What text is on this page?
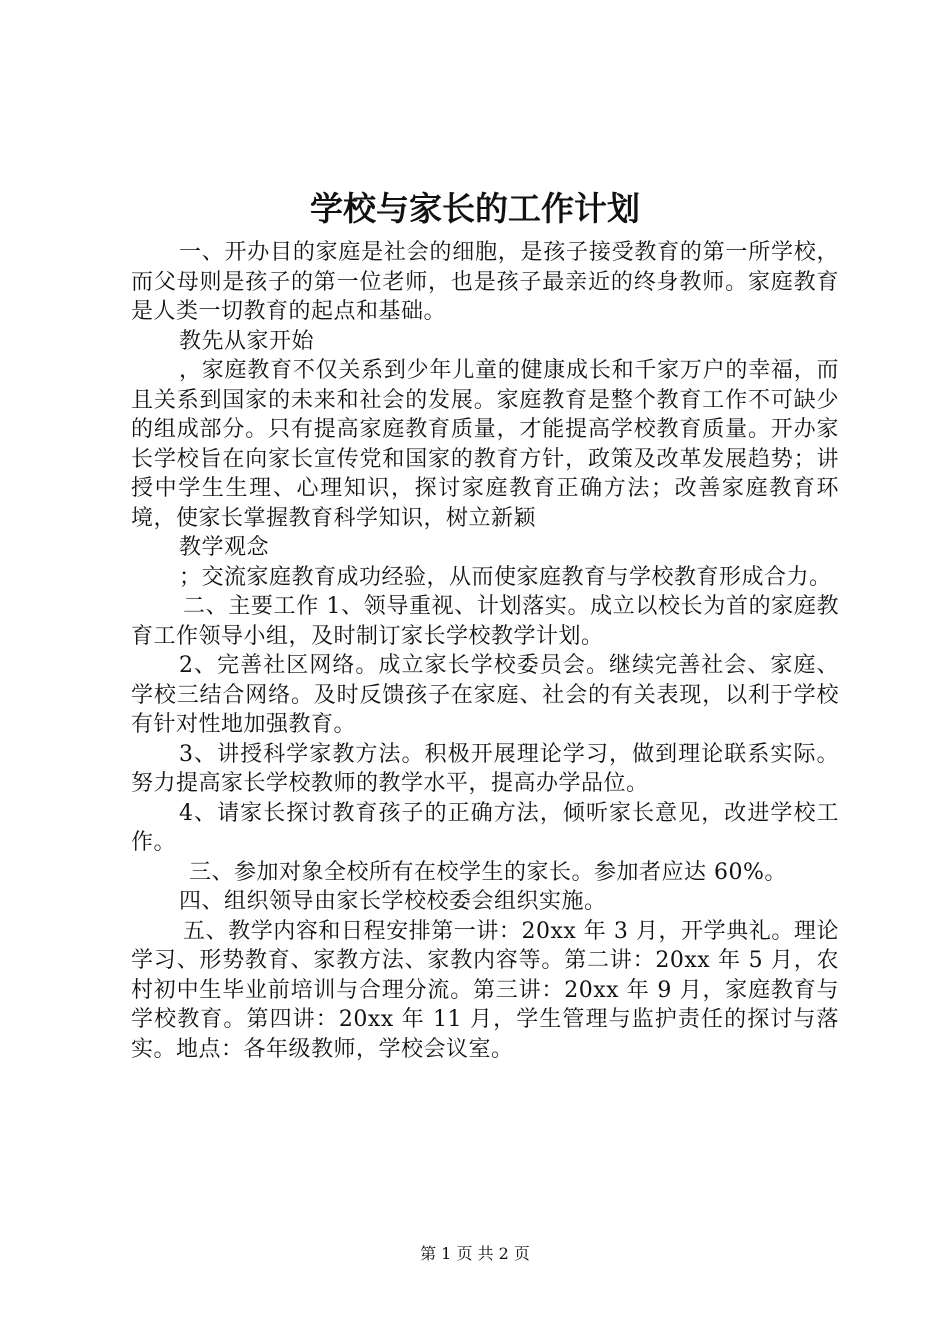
学校与家长的工作计划

一、开办目的家庭是社会的细胞，是孩子接受教育的第一所学校，而父母则是孩子的第一位老师，也是孩子最亲近的终身教师。家庭教育是人类一切教育的起点和基础。

教先从家开始

，家庭教育不仅关系到少年儿童的健康成长和千家万户的幸福，而且关系到国家的未来和社会的发展。家庭教育是整个教育工作不可缺少的组成部分。只有提高家庭教育质量，才能提高学校教育质量。开办家长学校旨在向家长宣传党和国家的教育方针，政策及改革发展趋势；讲授中学生生理、心理知识，探讨家庭教育正确方法；改善家庭教育环境，使家长掌握教育科学知识，树立新颖

教学观念

；交流家庭教育成功经验，从而使家庭教育与学校教育形成合力。

二、主要工作 1、领导重视、计划落实。成立以校长为首的家庭教育工作领导小组，及时制订家长学校教学计划。

2、完善社区网络。成立家长学校委员会。继续完善社会、家庭、学校三结合网络。及时反馈孩子在家庭、社会的有关表现，以利于学校有针对性地加强教育。

3、讲授科学家教方法。积极开展理论学习，做到理论联系实际。努力提高家长学校教师的教学水平，提高办学品位。

4、请家长探讨教育孩子的正确方法，倾听家长意见，改进学校工作。

三、参加对象全校所有在校学生的家长。参加者应达 60%。

四、组织领导由家长学校校委会组织实施。

五、教学内容和日程安排第一讲：20xx 年 3 月，开学典礼。理论学习、形势教育、家教方法、家教内容等。第二讲：20xx 年 5 月，农村初中生毕业前培训与合理分流。第三讲：20xx 年 9 月，家庭教育与学校教育。第四讲：20xx 年 11 月，学生管理与监护责任的探讨与落实。地点：各年级教师，学校会议室。

第 1 页 共 2 页
